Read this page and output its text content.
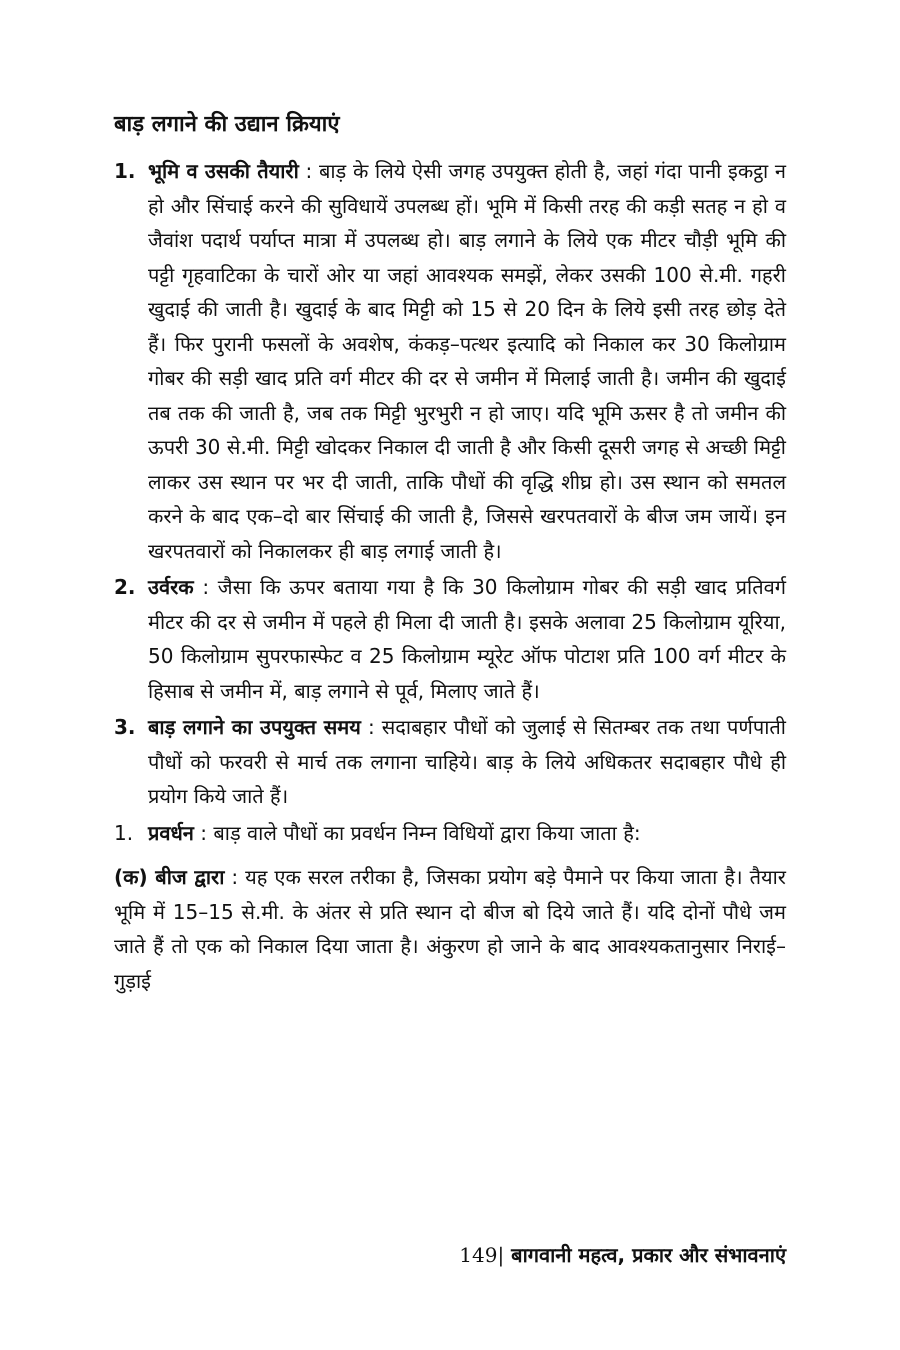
बाड़ लगाने की उद्यान क्रियाएं
1. भूमि व उसकी तैयारी : बाड़ के लिये ऐसी जगह उपयुक्त होती है, जहां गंदा पानी इकट्ठा न हो और सिंचाई करने की सुविधायें उपलब्ध हों। भूमि में किसी तरह की कड़ी सतह न हो व जैवांश पदार्थ पर्याप्त मात्रा में उपलब्ध हो। बाड़ लगाने के लिये एक मीटर चौड़ी भूमि की पट्टी गृहवाटिका के चारों ओर या जहां आवश्यक समझें, लेकर उसकी 100 से.मी. गहरी खुदाई की जाती है। खुदाई के बाद मिट्टी को 15 से 20 दिन के लिये इसी तरह छोड़ देते हैं। फिर पुरानी फसलों के अवशेष, कंकड़–पत्थर इत्यादि को निकाल कर 30 किलोग्राम गोबर की सड़ी खाद प्रति वर्ग मीटर की दर से जमीन में मिलाई जाती है। जमीन की खुदाई तब तक की जाती है, जब तक मिट्टी भुरभुरी न हो जाए। यदि भूमि ऊसर है तो जमीन की ऊपरी 30 से.मी. मिट्टी खोदकर निकाल दी जाती है और किसी दूसरी जगह से अच्छी मिट्टी लाकर उस स्थान पर भर दी जाती, ताकि पौधों की वृद्धि शीघ्र हो। उस स्थान को समतल करने के बाद एक–दो बार सिंचाई की जाती है, जिससे खरपतवारों के बीज जम जायें। इन खरपतवारों को निकालकर ही बाड़ लगाई जाती है।
2. उर्वरक : जैसा कि ऊपर बताया गया है कि 30 किलोग्राम गोबर की सड़ी खाद प्रतिवर्ग मीटर की दर से जमीन में पहले ही मिला दी जाती है। इसके अलावा 25 किलोग्राम यूरिया, 50 किलोग्राम सुपरफास्फेट व 25 किलोग्राम म्यूरेट ऑफ पोटाश प्रति 100 वर्ग मीटर के हिसाब से जमीन में, बाड़ लगाने से पूर्व, मिलाए जाते हैं।
3. बाड़ लगाने का उपयुक्त समय : सदाबहार पौधों को जुलाई से सितम्बर तक तथा पर्णपाती पौधों को फरवरी से मार्च तक लगाना चाहिये। बाड़ के लिये अधिकतर सदाबहार पौधे ही प्रयोग किये जाते हैं।
1. प्रवर्धन : बाड़ वाले पौधों का प्रवर्धन निम्न विधियों द्वारा किया जाता है:
(क) बीज द्वारा : यह एक सरल तरीका है, जिसका प्रयोग बड़े पैमाने पर किया जाता है। तैयार भूमि में 15–15 से.मी. के अंतर से प्रति स्थान दो बीज बो दिये जाते हैं। यदि दोनों पौधे जम जाते हैं तो एक को निकाल दिया जाता है। अंकुरण हो जाने के बाद आवश्यकतानुसार निराई–गुड़ाई
149| बागवानी महत्व, प्रकार और संभावनाएं
